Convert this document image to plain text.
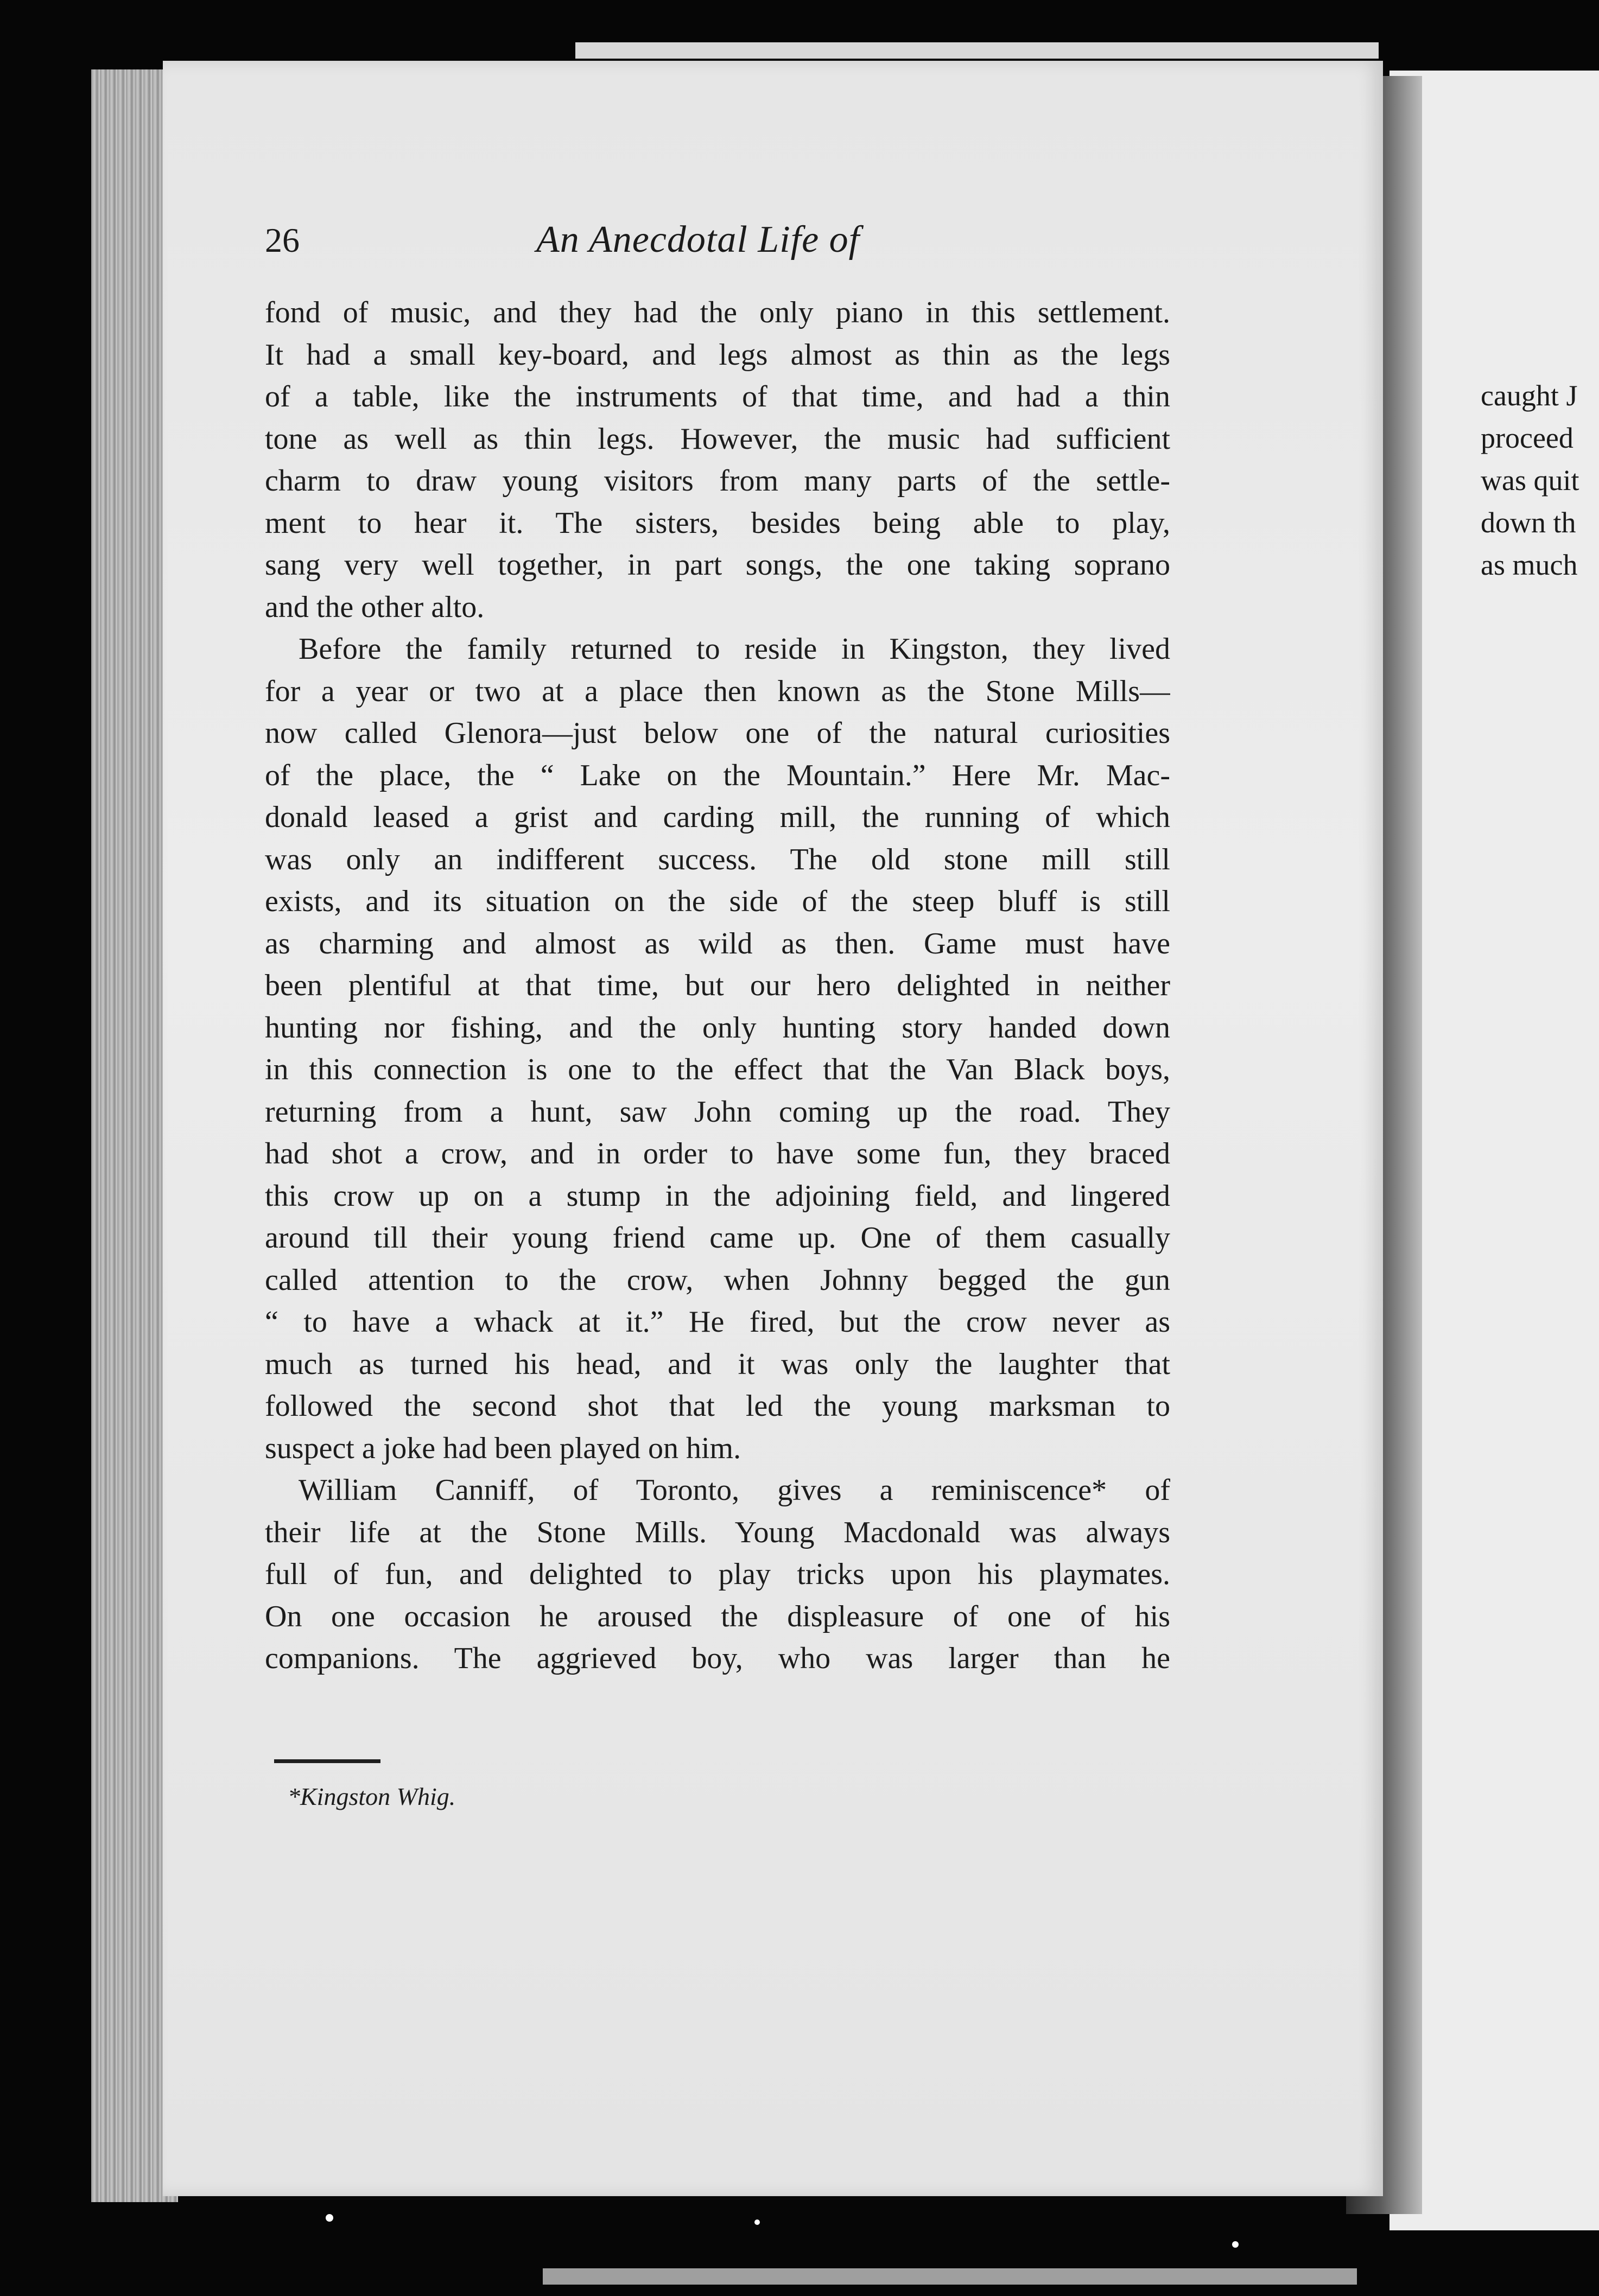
caught J
proceed
was quit
down th
as much
26	An Anecdotal Life of
fond of music, and they had the only piano in this settlement.
It had a small key-board, and legs almost as thin as the legs
of a table, like the instruments of that time, and had a thin
tone as well as thin legs. However, the music had sufficient
charm to draw young visitors from many parts of the settle-
ment to hear it. The sisters, besides being able to play,
sang very well together, in part songs, the one taking soprano
and the other alto.
Before the family returned to reside in Kingston, they lived
for a year or two at a place then known as the Stone Mills—
now called Glenora—just below one of the natural curiosities
of the place, the “ Lake on the Mountain.” Here Mr. Mac-
donald leased a grist and carding mill, the running of which
was only an indifferent success. The old stone mill still
exists, and its situation on the side of the steep bluff is still
as charming and almost as wild as then. Game must have
been plentiful at that time, but our hero delighted in neither
hunting nor fishing, and the only hunting story handed down
in this connection is one to the effect that the Van Black boys,
returning from a hunt, saw John coming up the road. They
had shot a crow, and in order to have some fun, they braced
this crow up on a stump in the adjoining field, and lingered
around till their young friend came up. One of them casually
called attention to the crow, when Johnny begged the gun
“ to have a whack at it.” He fired, but the crow never as
much as turned his head, and it was only the laughter that
followed the second shot that led the young marksman to
suspect a joke had been played on him.
William Canniff, of Toronto, gives a reminiscence* of
their life at the Stone Mills. Young Macdonald was always
full of fun, and delighted to play tricks upon his playmates.
On one occasion he aroused the displeasure of one of his
companions. The aggrieved boy, who was larger than he
*Kingston Whig.
